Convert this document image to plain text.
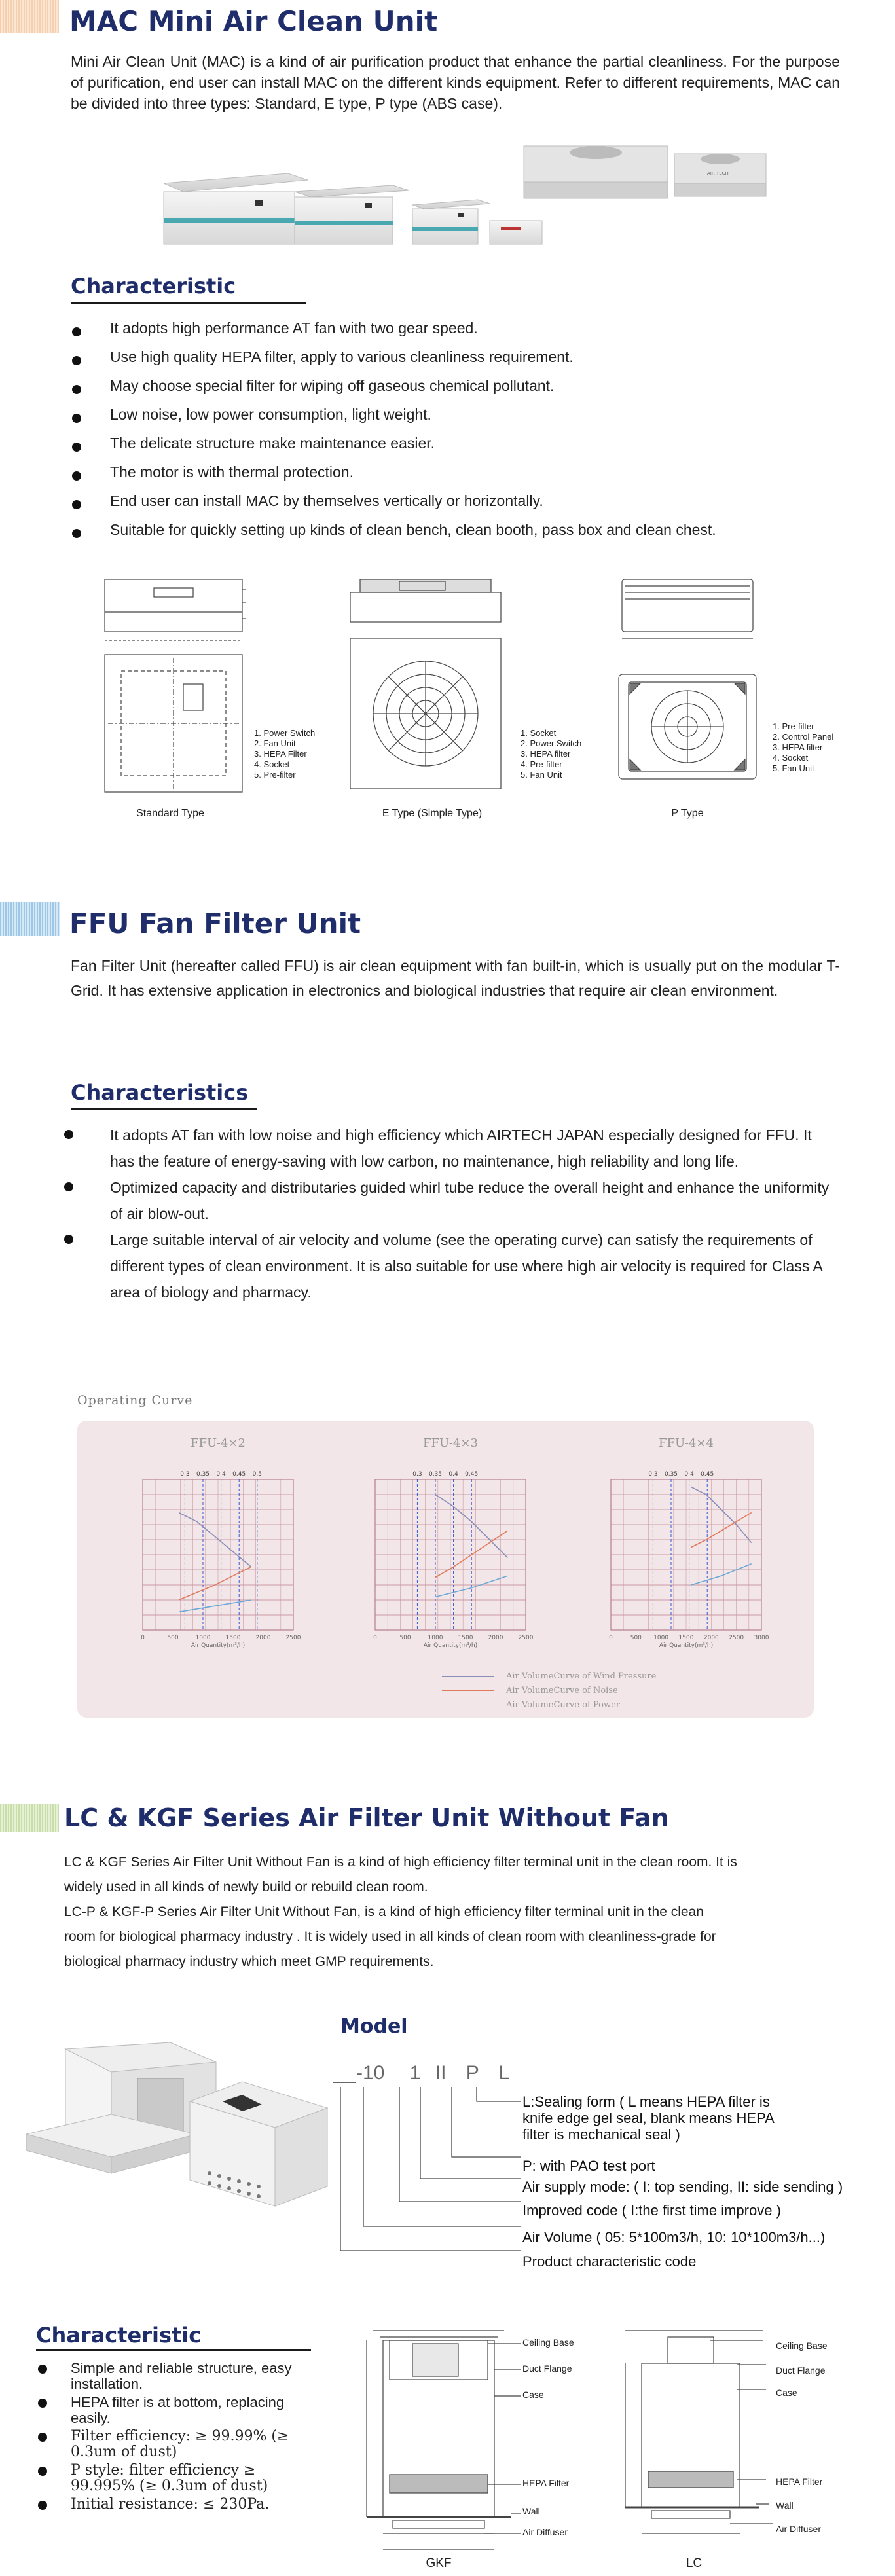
MAC Mini Air Clean Unit
Mini Air Clean Unit (MAC) is a kind of air purification product that enhance the partial cleanliness. For the purpose of purification, end user can install MAC on the different kinds equipment. Refer to different requirements, MAC can be divided into three types: Standard, E type, P type (ABS case).
AIR TECH
Characteristic
It adopts high performance AT fan with two gear speed.
Use high quality HEPA filter, apply to various cleanliness requirement.
May choose special filter for wiping off gaseous chemical pollutant.
Low noise, low power consumption, light weight.
The delicate structure make maintenance easier.
The motor is with thermal protection.
End user can install MAC by themselves vertically or horizontally.
Suitable for quickly setting up kinds of clean bench, clean booth, pass box and clean chest.
1. Power Switch
2. Fan Unit
3. HEPA Filter
4. Socket
5. Pre-filter
Standard Type
1. Socket
2. Power Switch
3. HEPA filter
4. Pre-filter
5. Fan Unit
E Type (Simple Type)
1. Pre-filter
2. Control Panel
3. HEPA filter
4. Socket
5. Fan Unit
P Type
FFU Fan Filter Unit
Fan Filter Unit (hereafter called FFU) is air clean equipment with fan built-in, which is usually put on the modular T-Grid. It has extensive application in electronics and biological industries that require air clean environment.
Characteristics
It adopts AT fan with low noise and high efficiency which AIRTECH JAPAN especially designed for FFU. It has the feature of energy-saving with low carbon, no maintenance, high reliability and long life.
Optimized capacity and distributaries guided whirl tube reduce the overall height and enhance the uniformity of air blow-out.
Large suitable interval of air velocity and volume (see the operating curve) can satisfy the requirements of different types of clean environment. It is also suitable for use where high air velocity is required for Class A area of biology and pharmacy.
Operating Curve
FFU-4×2
0	500	1000	1500	2000	2500
Air Quantity(m³/h)
0.3 0.35 0.4 0.45 0.5
FFU-4×3
0	500	1000	1500	2000	2500
Air Quantity(m³/h)
0.3 0.35 0.4 0.45
FFU-4×4
0	500 1000 1500 2000 2500 3000
Air Quantity(m³/h)
0.3 0.35 0.4 0.45
Air VolumeCurve of Wind Pressure
Air VolumeCurve of Noise
Air VolumeCurve of Power
LC & KGF Series Air Filter Unit Without Fan
LC & KGF Series Air Filter Unit Without Fan is a kind of high efficiency filter terminal unit in the clean room. It is widely used in all kinds of newly build or rebuild clean room.
LC-P & KGF-P Series Air Filter Unit Without Fan, is a kind of high efficiency filter terminal unit in the clean room for biological pharmacy industry . It is widely used in all kinds of clean room with cleanliness-grade for biological pharmacy industry which meet GMP requirements.
Model
-10 1 II P L
L:Sealing form ( L means HEPA filter is knife edge gel seal, blank means HEPA filter is mechanical seal )
P: with PAO test port
Air supply mode: ( I: top sending, II: side sending )
Improved code ( I:the first time improve )
Air Volume ( 05: 5*100m3/h, 10: 10*100m3/h...)
Product characteristic code
Characteristic
Simple and reliable structure, easy installation.
HEPA filter is at bottom, replacing easily.
Filter efficiency: ≥ 99.99% (≥ 0.3um of dust)
P style: filter efficiency ≥ 99.995% (≥ 0.3um of dust)
Initial resistance: ≤ 230Pa.
Ceiling Base
Duct Flange
Case
HEPA Filter
Wall
Air Diffuser
GKF
Ceiling Base
Duct Flange
Case
HEPA Filter
Wall
Air Diffuser
LC
